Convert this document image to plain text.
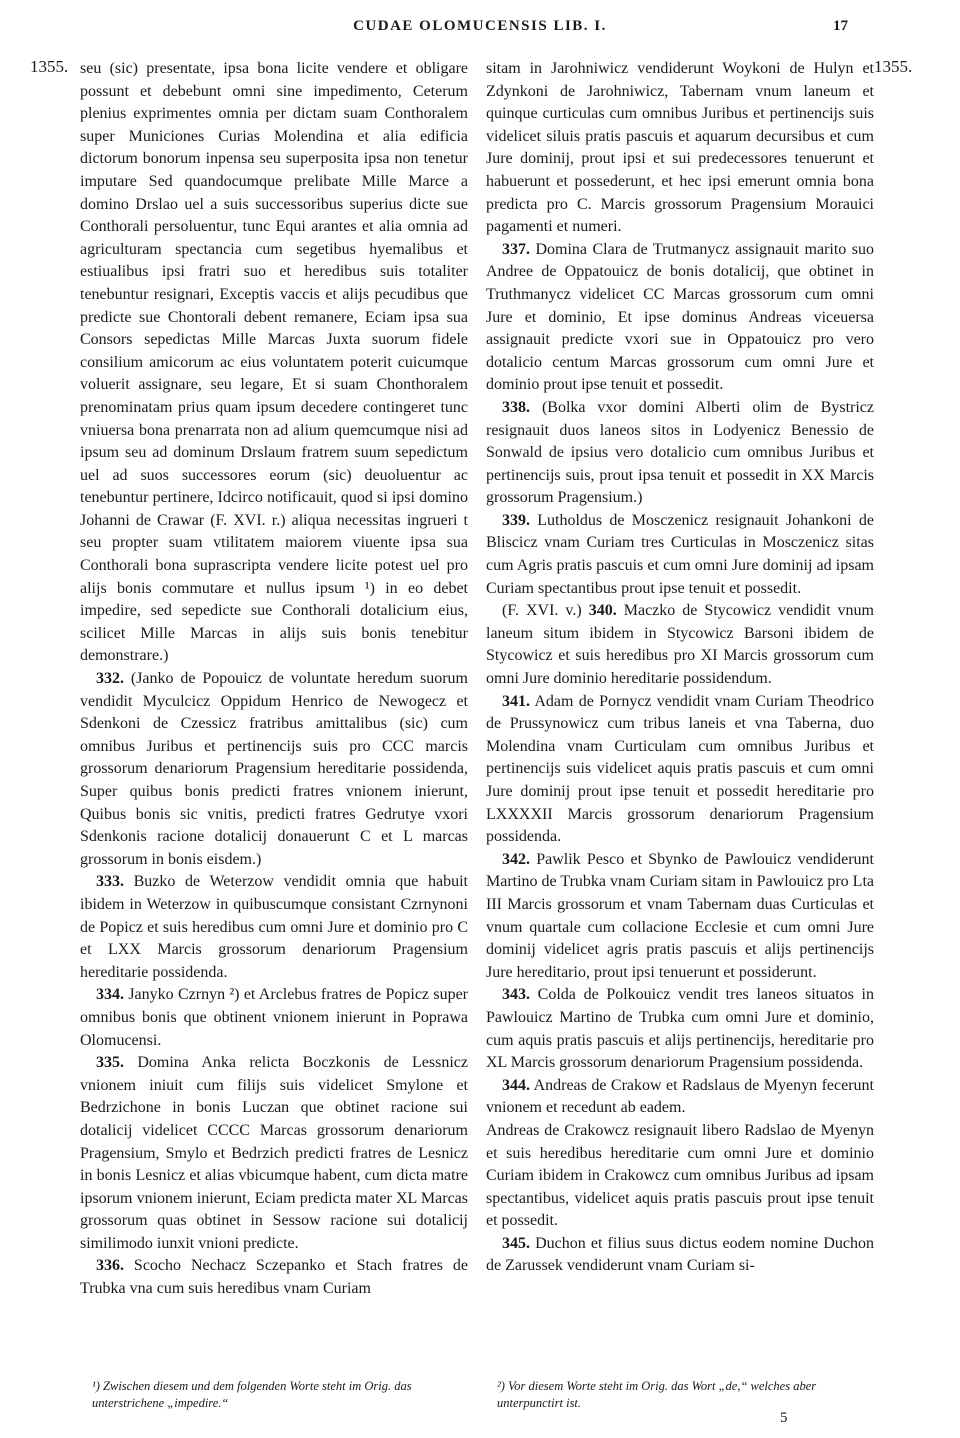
CUDAE OLOMUCENSIS LIB. I.	17
1355.	1355.

seu (sic) presentate, ipsa bona licite vendere et obligare possunt et debebunt omni sine impedimento, Ceterum plenius exprimentes omnia per dictam suam Conthoralem super Municiones Curias Molendina et alia edificia dictorum bonorum inpensa seu superposita ipsa non tenetur imputare Sed quandocumque prelibate Mille Marce a domino Drslao uel a suis successoribus superius dicte sue Conthorali persoluentur, tunc Equi arantes et alia omnia ad agriculturam spectancia cum segetibus hyemalibus et estiualibus ipsi fratri suo et heredibus suis totaliter tenebuntur resignari, Exceptis vaccis et alijs pecudibus que predicte sue Chontorali debent remanere, Eciam ipsa sua Consors sepedictas Mille Marcas Juxta suorum fidele consilium amicorum ac eius voluntatem poterit cuicumque voluerit assignare, seu legare, Et si suam Chonthoralem prenominatam prius quam ipsum decedere contingeret tunc vniuersa bona prenarrata non ad alium quemcumque nisi ad ipsum seu ad dominum Drslaum fratrem suum sepedictum uel ad suos successores eorum (sic) deuoluentur ac tenebuntur pertinere, Idcirco notificauit, quod si ipsi domino Johanni de Crawar (F. XVI. r.) aliqua necessitas ingrueri t seu propter suam vtilitatem maiorem viuente ipsa sua Conthorali bona suprascripta vendere licite potest uel pro alijs bonis commutare et nullus ipsum ¹) in eo debet impedire, sed sepedicte sue Conthorali dotalicium eius, scilicet Mille Marcas in alijs suis bonis tenebitur demonstrare.)

332. (Janko de Popouicz de voluntate heredum suorum vendidit Myculcicz Oppidum Henrico de Newogecz et Sdenkoni de Czessicz fratribus amittalibus (sic) cum omnibus Juribus et pertinencijs suis pro CCC marcis grossorum denariorum Pragensium hereditarie possidenda, Super quibus bonis predicti fratres vnionem inierunt, Quibus bonis sic vnitis, predicti fratres Gedrutye vxori Sdenkonis racione dotalicij donauerunt C et L marcas grossorum in bonis eisdem.)

333. Buzko de Weterzow vendidit omnia que habuit ibidem in Weterzow in quibuscumque consistant Czrnynoni de Popicz et suis heredibus cum omni Jure et dominio pro C et LXX Marcis grossorum denariorum Pragensium hereditarie possidenda.

334. Janyko Czrnyn ²) et Arclebus fratres de Popicz super omnibus bonis que obtinent vnionem inierunt in Poprawa Olomucensi.

335. Domina Anka relicta Boczkonis de Lessnicz vnionem iniuit cum filijs suis videlicet Smylone et Bedrzichone in bonis Luczan que obtinet racione sui dotalicij videlicet CCCC Marcas grossorum denariorum Pragensium, Smylo et Bedrzich predicti fratres de Lesnicz in bonis Lesnicz et alias vbicumque habent, cum dicta matre ipsorum vnionem inierunt, Eciam predicta mater XL Marcas grossorum quas obtinet in Sessow racione sui dotalicij similimodo iunxit vnioni predicte.

336. Scocho Nechacz Sczepanko et Stach fratres de Trubka vna cum suis heredibus vnam Curiam

sitam in Jarohniwicz vendiderunt Woykoni de Hulyn et Zdynkoni de Jarohniwicz, Tabernam vnum laneum et quinque curticulas cum omnibus Juribus et pertinencijs suis videlicet siluis pratis pascuis et aquarum decursibus et cum Jure dominij, prout ipsi et sui predecessores tenuerunt et habuerunt et possederunt, et hec ipsi emerunt omnia bona predicta pro C. Marcis grossorum Pragensium Morauici pagamenti et numeri.

337. Domina Clara de Trutmanycz assignauit marito suo Andree de Oppatouicz de bonis dotalicij, que obtinet in Truthmanycz videlicet CC Marcas grossorum cum omni Jure et dominio, Et ipse dominus Andreas viceuersa assignauit predicte vxori sue in Oppatouicz pro vero dotalicio centum Marcas grossorum cum omni Jure et dominio prout ipse tenuit et possedit.

338. (Bolka vxor domini Alberti olim de Bystricz resignauit duos laneos sitos in Lodyenicz Benessio de Sonwald de ipsius vero dotalicio cum omnibus Juribus et pertinencijs suis, prout ipsa tenuit et possedit in XX Marcis grossorum Pragensium.)

339. Lutholdus de Mosczenicz resignauit Johankoni de Bliscicz vnam Curiam tres Curticulas in Mosczenicz sitas cum Agris pratis pascuis et cum omni Jure dominij ad ipsam Curiam spectantibus prout ipse tenuit et possedit.

(F. XVI. v.) 340. Maczko de Stycowicz vendidit vnum laneum situm ibidem in Stycowicz Barsoni ibidem de Stycowicz et suis heredibus pro XI Marcis grossorum cum omni Jure dominio hereditarie possidendum.

341. Adam de Pornycz vendidit vnam Curiam Theodrico de Prussynowicz cum tribus laneis et vna Taberna, duo Molendina vnam Curticulam cum omnibus Juribus et pertinencijs suis videlicet aquis pratis pascuis et cum omni Jure dominij prout ipse tenuit et possedit hereditarie pro LXXXXII Marcis grossorum denariorum Pragensium possidenda.

342. Pawlik Pesco et Sbynko de Pawlouicz vendiderunt Martino de Trubka vnam Curiam sitam in Pawlouicz pro Lta III Marcis grossorum et vnam Tabernam duas Curticulas et vnum quartale cum collacione Ecclesie et cum omni Jure dominij videlicet agris pratis pascuis et alijs pertinencijs Jure hereditario, prout ipsi tenuerunt et possiderunt.

343. Colda de Polkouicz vendit tres laneos situatos in Pawlouicz Martino de Trubka cum omni Jure et dominio, cum aquis pratis pascuis et alijs pertinencijs, hereditarie pro XL Marcis grossorum denariorum Pragensium possidenda.

344. Andreas de Crakow et Radslaus de Myenyn fecerunt vnionem et recedunt ab eadem.

Andreas de Crakowcz resignauit libero Radslao de Myenyn et suis heredibus hereditarie cum omni Jure et dominio Curiam ibidem in Crakowcz cum omnibus Juribus ad ipsam spectantibus, videlicet aquis pratis pascuis prout ipse tenuit et possedit.

345. Duchon et filius suus dictus eodem nomine Duchon de Zarussek vendiderunt vnam Curiam si-

¹) Zwischen diesem und dem folgenden Worte steht im Orig. das unterstrichene „impedire.“
²) Vor diesem Worte steht im Orig. das Wort „de,“ welches aber unterpunctirt ist.
5
